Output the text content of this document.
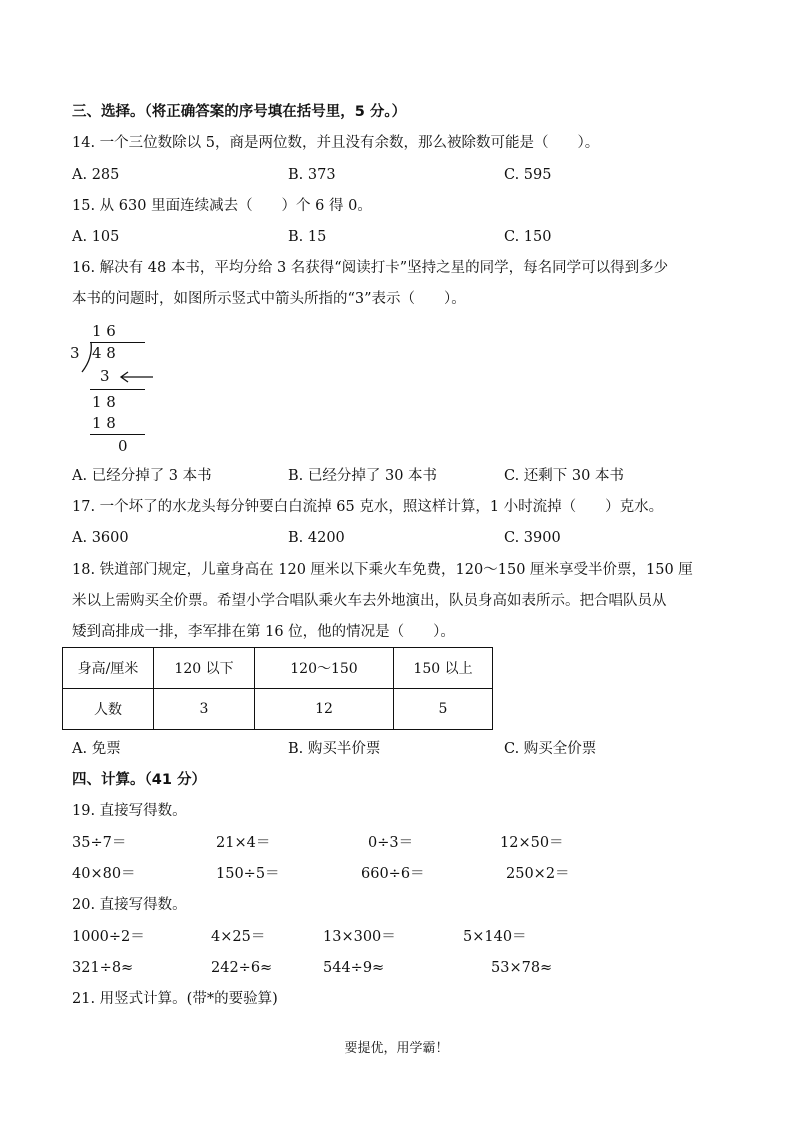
三、选择。（将正确答案的序号填在括号里，5 分。）
14. 一个三位数除以 5，商是两位数，并且没有余数，那么被除数可能是（　　）。
A. 285	B. 373	C. 595
15. 从 630 里面连续减去（　　）个 6 得 0。
A. 105	B. 15	C. 150
16. 解决有 48 本书，平均分给 3 名获得“阅读打卡”坚持之星的同学，每名同学可以得到多少
本书的问题时，如图所示竖式中箭头所指的“3”表示（　　）。
1 6
3 4 8
3
1 8
1 8
0
A. 已经分掉了 3 本书	B. 已经分掉了 30 本书	C. 还剩下 30 本书
17. 一个坏了的水龙头每分钟要白白流掉 65 克水，照这样计算，1 小时流掉（　　）克水。
A. 3600	B. 4200	C. 3900
18. 铁道部门规定，儿童身高在 120 厘米以下乘火车免费，120～150 厘米享受半价票，150 厘
米以上需购买全价票。希望小学合唱队乘火车去外地演出，队员身高如表所示。把合唱队员从
矮到高排成一排，李军排在第 16 位，他的情况是（　　）。
身高/厘米	120 以下	120～150	150 以上
人数	3	12	5
A. 免票	B. 购买半价票	C. 购买全价票
四、计算。（41 分）
19. 直接写得数。
35÷7＝	21×4＝	0÷3＝	12×50＝
40×80＝	150÷5＝	660÷6＝	250×2＝
20. 直接写得数。
1000÷2＝	4×25＝	13×300＝	5×140＝
321÷8≈	242÷6≈	544÷9≈	53×78≈
21. 用竖式计算。(带*的要验算)
要提优，用学霸！
